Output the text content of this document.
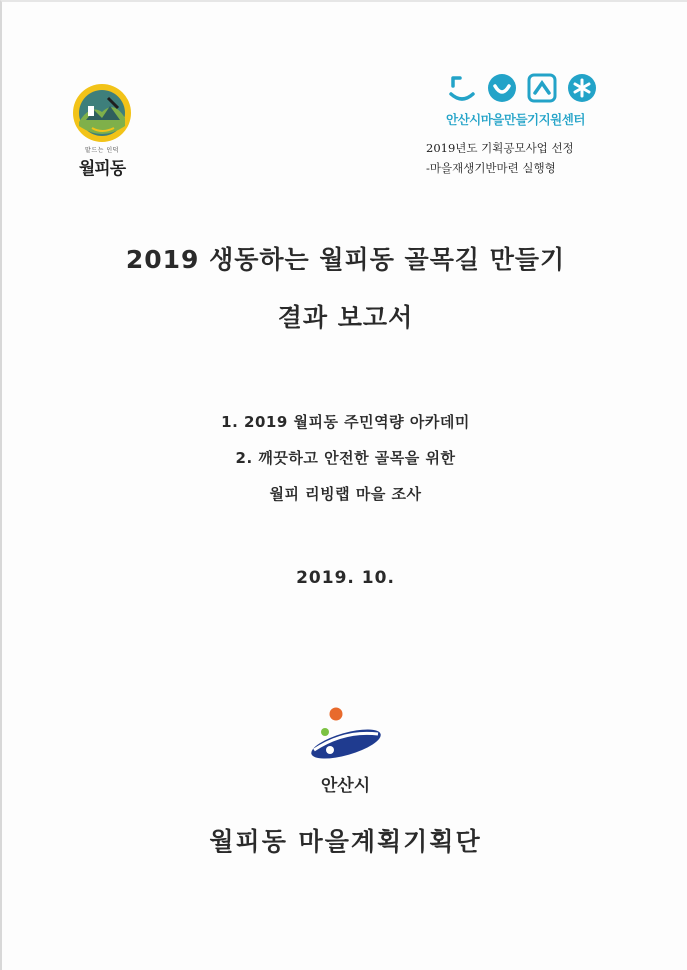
맡드는 인덕
월피동
안산시마을만들기지원센터
2019년도 기획공모사업 선정
-마을재생기반마련 실행형
2019 생동하는 월피동 골목길 만들기
결과 보고서
1. 2019 월피동 주민역량 아카데미
2. 깨끗하고 안전한 골목을 위한
월피 리빙랩 마을 조사
2019. 10.
안산시
월피동 마을계획기획단
